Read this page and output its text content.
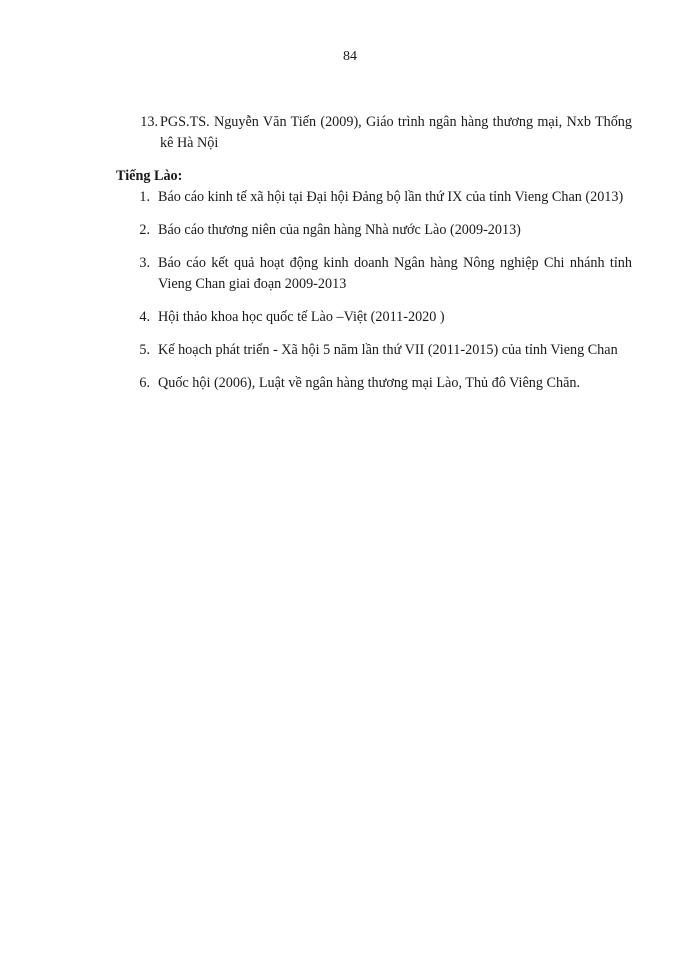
84
13. PGS.TS. Nguyễn Văn Tiến (2009), Giáo trình ngân hàng thương mại, Nxb Thống kê Hà Nội
Tiếng Lào:
1. Báo cáo kinh tế xã hội tại Đại hội Đảng bộ lần thứ IX của tỉnh Vieng Chan (2013)
2. Báo cáo thương niên của ngân hàng Nhà nước Lào (2009-2013)
3. Báo cáo kết quả hoạt động kinh doanh Ngân hàng Nông nghiệp Chi nhánh tỉnh Vieng Chan giai đoạn 2009-2013
4. Hội thảo khoa học quốc tế Lào –Việt (2011-2020 )
5. Kế hoạch phát triển - Xã hội 5 năm lần thứ VII (2011-2015) của tỉnh Vieng Chan
6. Quốc hội (2006), Luật về ngân hàng thương mại Lào, Thủ đô Viêng Chăn.
